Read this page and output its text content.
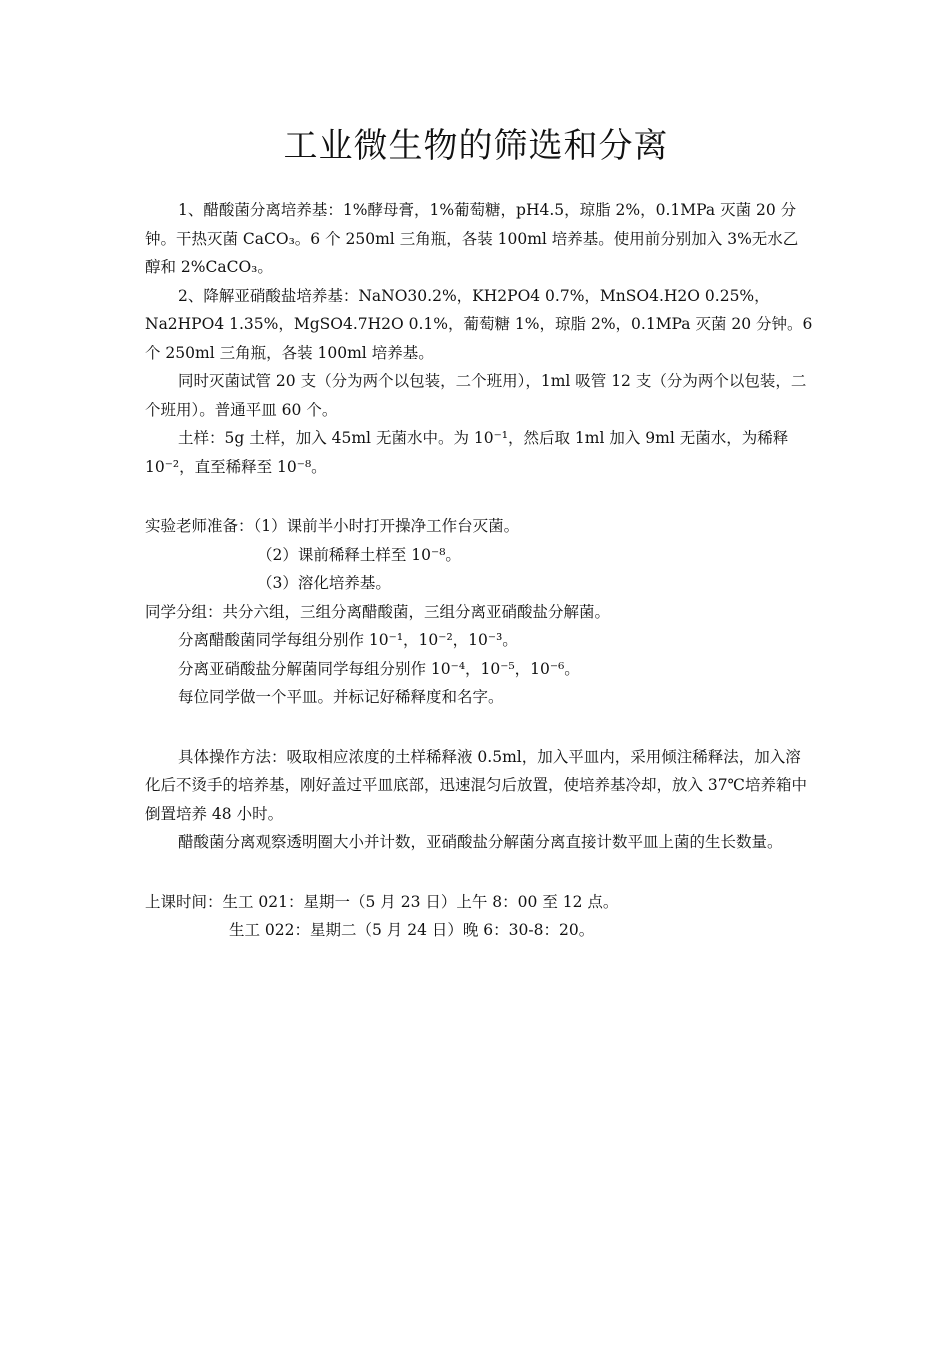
工业微生物的筛选和分离

1、醋酸菌分离培养基：1%酵母膏，1%葡萄糖，pH4.5，琼脂 2%，0.1MPa 灭菌 20 分钟。干热灭菌 CaCO₃。6 个 250ml 三角瓶，各装 100ml 培养基。使用前分别加入 3%无水乙醇和 2%CaCO₃。

2、降解亚硝酸盐培养基：NaNO30.2%，KH2PO4 0.7%，MnSO4.H2O 0.25%，Na2HPO4 1.35%，MgSO4.7H2O 0.1%，葡萄糖 1%，琼脂 2%，0.1MPa 灭菌 20 分钟。6 个 250ml 三角瓶，各装 100ml 培养基。

同时灭菌试管 20 支（分为两个以包装，二个班用），1ml 吸管 12 支（分为两个以包装，二个班用）。普通平皿 60 个。

土样：5g 土样，加入 45ml 无菌水中。为 10⁻¹，然后取 1ml 加入 9ml 无菌水，为稀释 10⁻²，直至稀释至 10⁻⁸。

实验老师准备：（1）课前半小时打开操净工作台灭菌。

（2）课前稀释土样至 10⁻⁸。

（3）溶化培养基。

同学分组：共分六组，三组分离醋酸菌，三组分离亚硝酸盐分解菌。

分离醋酸菌同学每组分别作 10⁻¹，10⁻²，10⁻³。

分离亚硝酸盐分解菌同学每组分别作 10⁻⁴，10⁻⁵，10⁻⁶。

每位同学做一个平皿。并标记好稀释度和名字。

具体操作方法：吸取相应浓度的土样稀释液 0.5ml，加入平皿内，采用倾注稀释法，加入溶化后不烫手的培养基，刚好盖过平皿底部，迅速混匀后放置，使培养基冷却，放入 37℃培养箱中倒置培养 48 小时。

醋酸菌分离观察透明圈大小并计数，亚硝酸盐分解菌分离直接计数平皿上菌的生长数量。

上课时间：生工 021：星期一（5 月 23 日）上午 8：00 至 12 点。

生工 022：星期二（5 月 24 日）晚 6：30-8：20。
